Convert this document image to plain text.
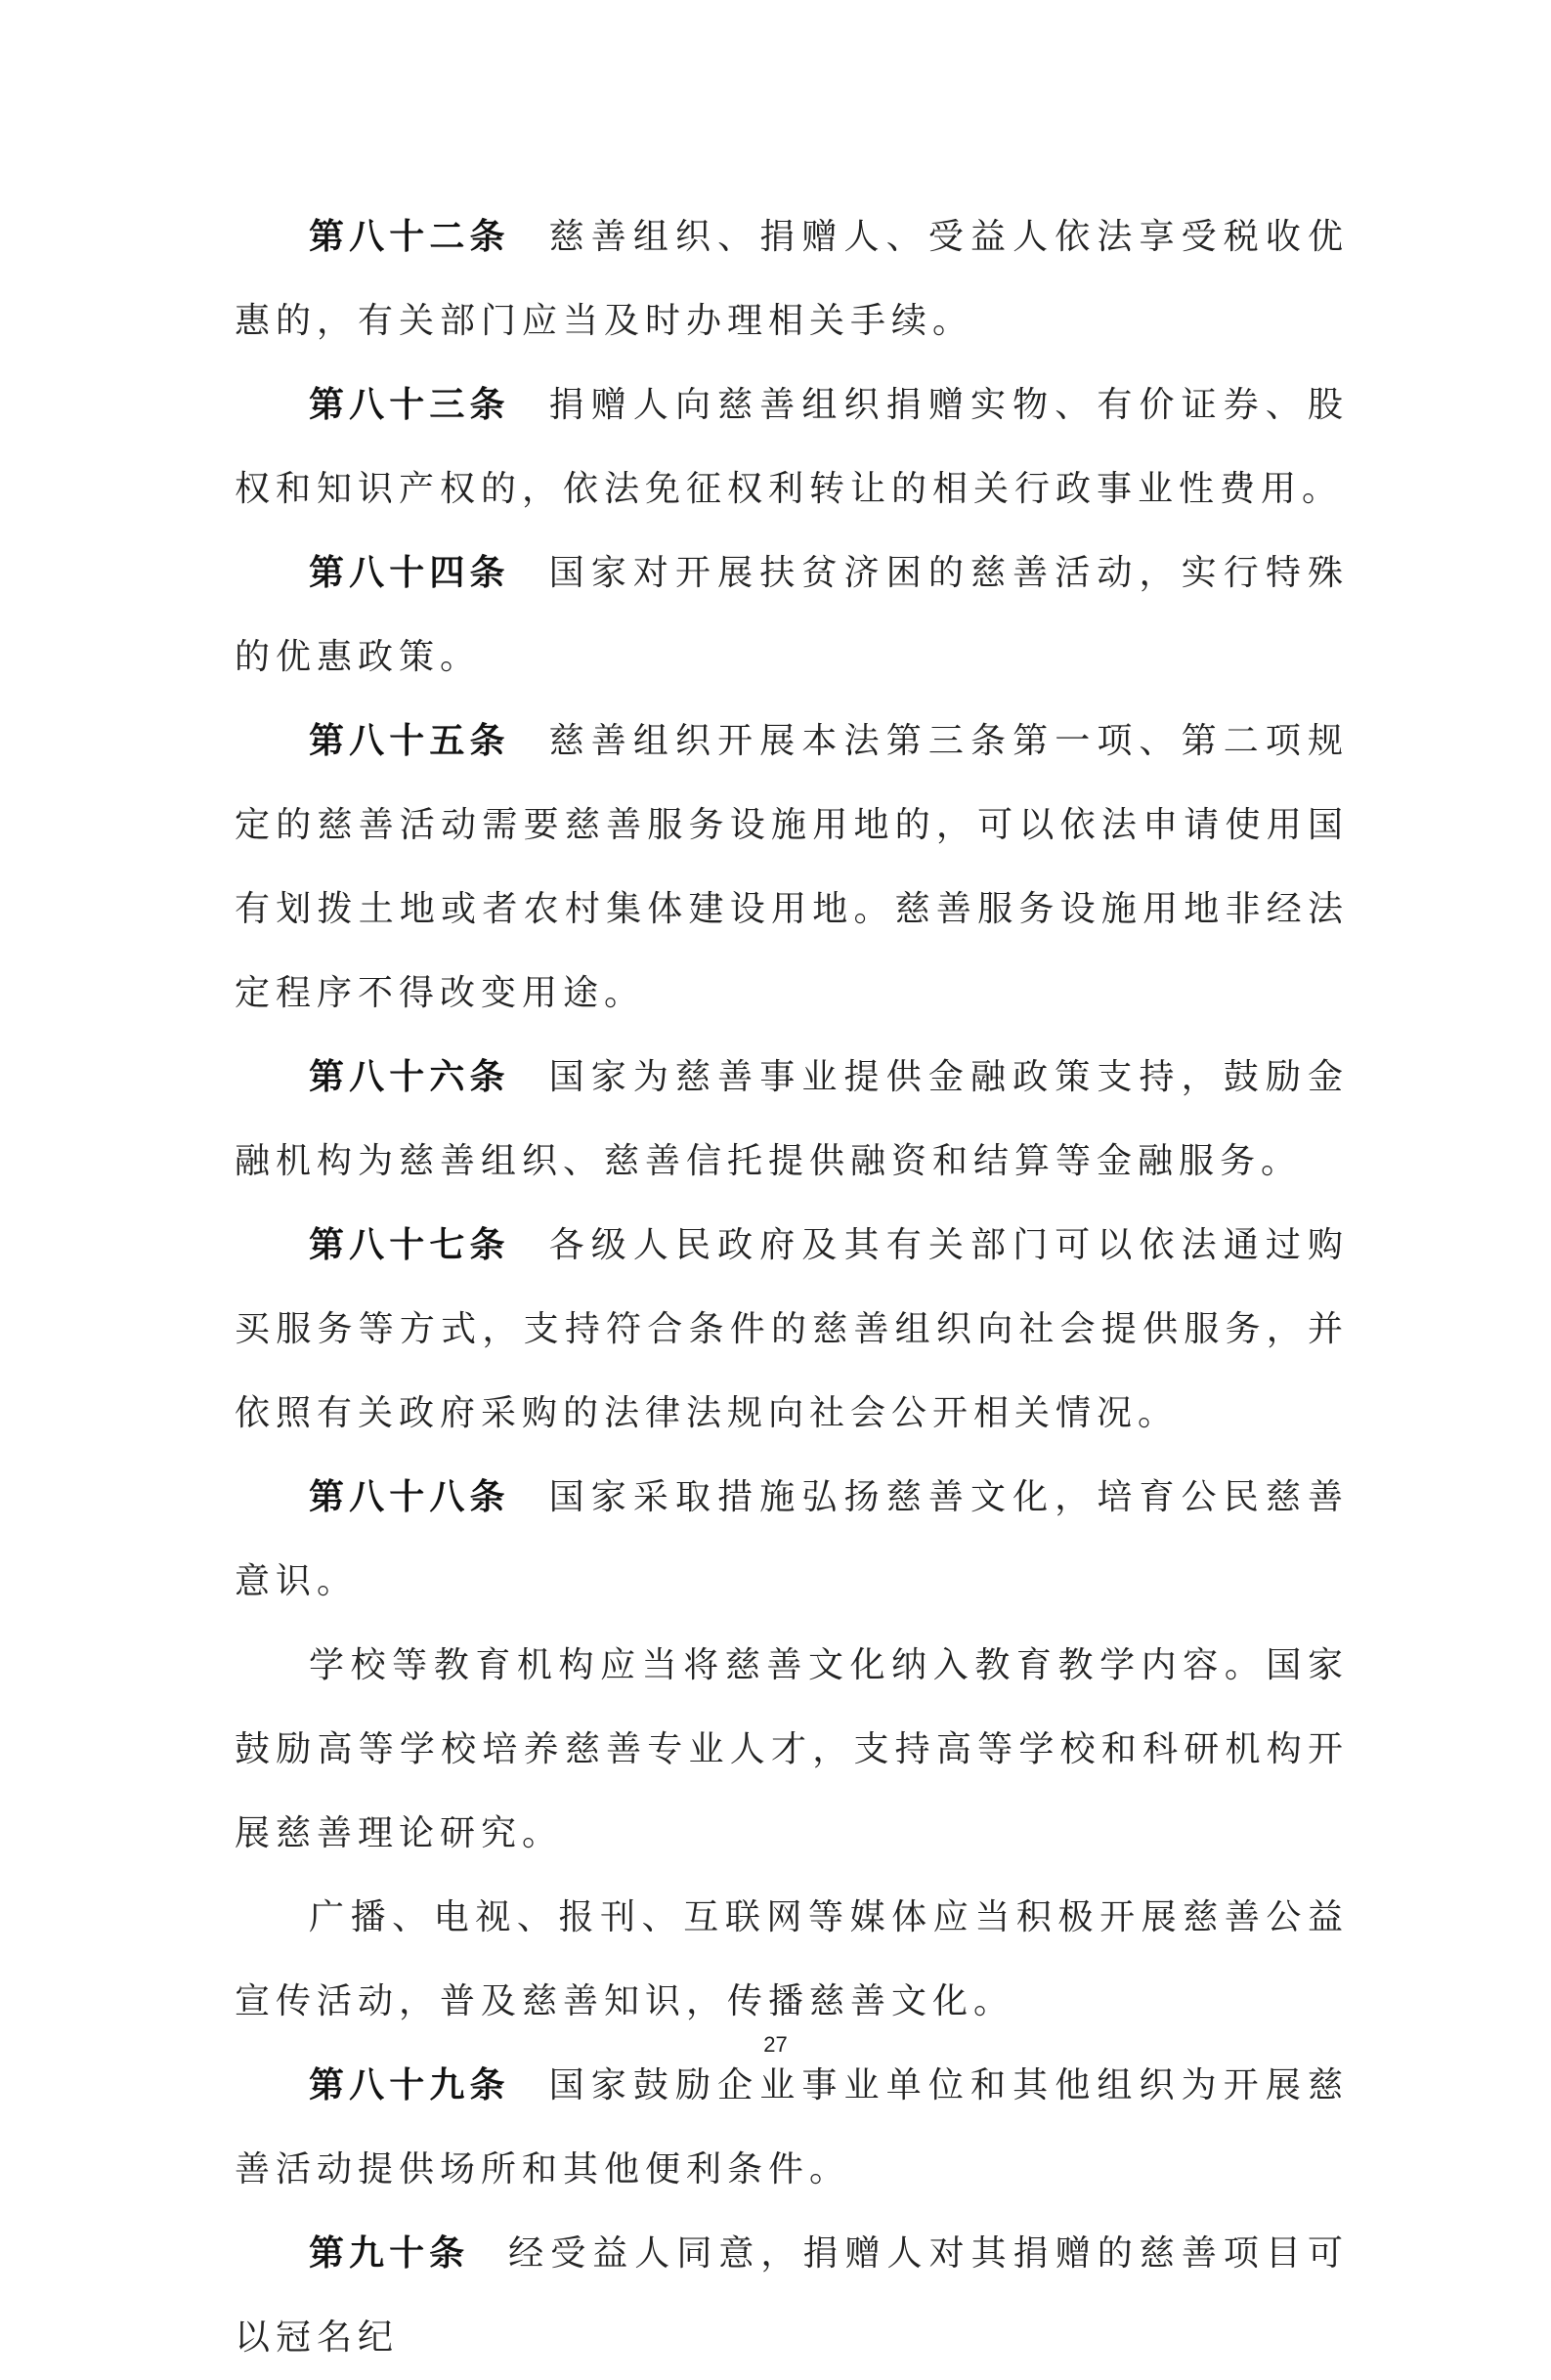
第八十二条 慈善组织、捐赠人、受益人依法享受税收优惠的，有关部门应当及时办理相关手续。

第八十三条 捐赠人向慈善组织捐赠实物、有价证券、股权和知识产权的，依法免征权利转让的相关行政事业性费用。

第八十四条 国家对开展扶贫济困的慈善活动，实行特殊的优惠政策。

第八十五条 慈善组织开展本法第三条第一项、第二项规定的慈善活动需要慈善服务设施用地的，可以依法申请使用国有划拨土地或者农村集体建设用地。慈善服务设施用地非经法定程序不得改变用途。

第八十六条 国家为慈善事业提供金融政策支持，鼓励金融机构为慈善组织、慈善信托提供融资和结算等金融服务。

第八十七条 各级人民政府及其有关部门可以依法通过购买服务等方式，支持符合条件的慈善组织向社会提供服务，并依照有关政府采购的法律法规向社会公开相关情况。

第八十八条 国家采取措施弘扬慈善文化，培育公民慈善意识。

学校等教育机构应当将慈善文化纳入教育教学内容。国家鼓励高等学校培养慈善专业人才，支持高等学校和科研机构开展慈善理论研究。

广播、电视、报刊、互联网等媒体应当积极开展慈善公益宣传活动，普及慈善知识，传播慈善文化。

第八十九条 国家鼓励企业事业单位和其他组织为开展慈善活动提供场所和其他便利条件。

第九十条 经受益人同意，捐赠人对其捐赠的慈善项目可以冠名纪

27
